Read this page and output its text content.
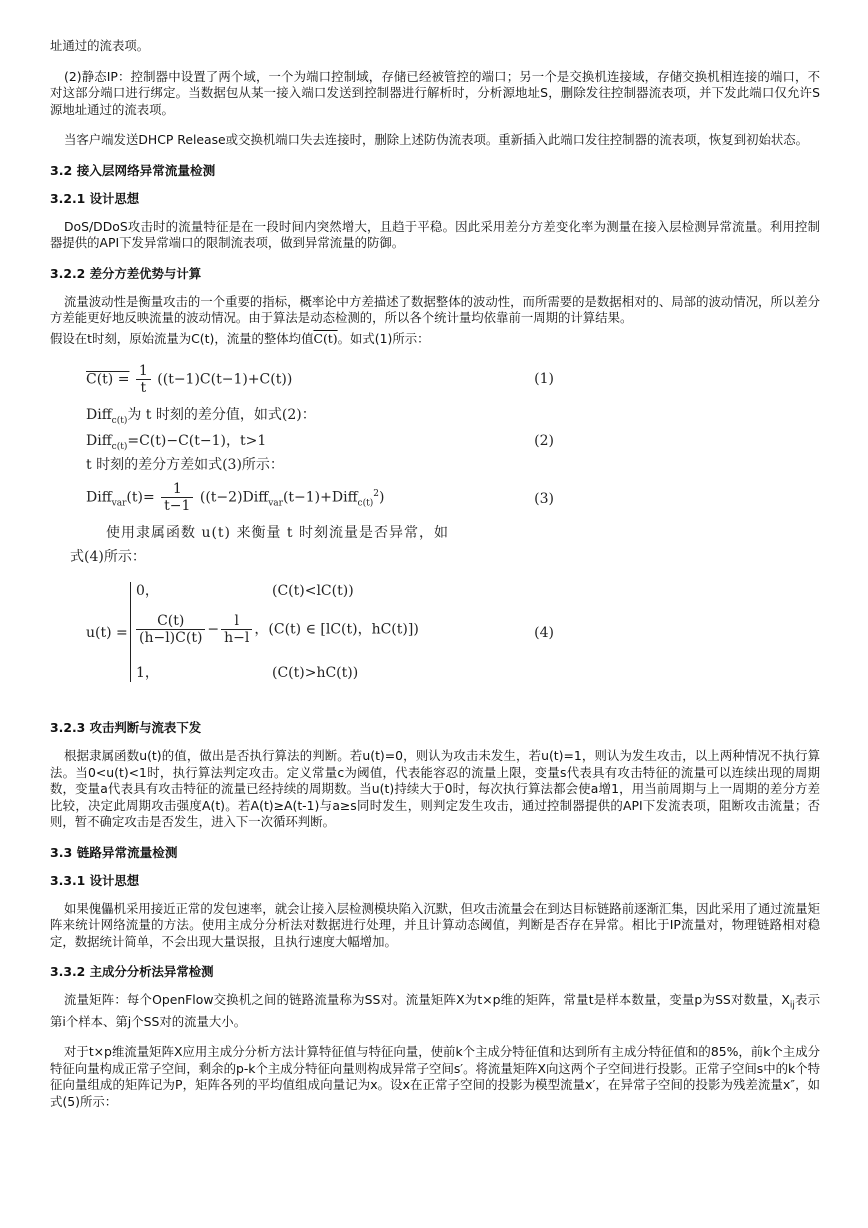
址通过的流表项。

(2)静态IP：控制器中设置了两个域，一个为端口控制域，存储已经被管控的端口；另一个是交换机连接域，存储交换机相连接的端口，不对这部分端口进行绑定。当数据包从某一接入端口发送到控制器进行解析时，分析源地址S，删除发往控制器流表项，并下发此端口仅允许S源地址通过的流表项。

当客户端发送DHCP Release或交换机端口失去连接时，删除上述防伪流表项。重新插入此端口发往控制器的流表项，恢复到初始状态。

3.2 接入层网络异常流量检测
3.2.1 设计思想

DoS/DDoS攻击时的流量特征是在一段时间内突然增大，且趋于平稳。因此采用差分方差变化率为测量在接入层检测异常流量。利用控制器提供的API下发异常端口的限制流表项，做到异常流量的防御。

3.2.2 差分方差优势与计算

流量波动性是衡量攻击的一个重要的指标，概率论中方差描述了数据整体的波动性，而所需要的是数据相对的、局部的波动情况，所以差分方差能更好地反映流量的波动情况。由于算法是动态检测的，所以各个统计量均依靠前一周期的计算结果。

假设在t时刻，原始流量为C(t)，流量的整体均值C(t)。如式(1)所示：

$C(t) = \frac{1}{t} ((t-1)C(t-1)+C(t))$	(1)
Diff$_{c(t)}$为 t 时刻的差分值，如式(2)：
Diff$_{c(t)}$=C(t)−C(t−1)，t>1	(2)
t 时刻的差分方差如式(3)所示：
Diff$_{var}$(t)= $\frac{1}{t-1}$ ((t−2)Diff$_{var}$(t−1)+Diff$_{c(t)}^2$)	(3)
使用隶属函数 u(t) 来衡量 t 时刻流量是否异常，如
式(4)所示：
u(t) =
0，	(C(t)<lC(t))
$\frac{C(t)}{(h-l)C(t)} - \frac{l}{h-l}$ ，(C(t) ∈ [lC(t)，hC(t)])	(4)
1，	(C(t)>hC(t))
3.2.3 攻击判断与流表下发

根据隶属函数u(t)的值，做出是否执行算法的判断。若u(t)=0，则认为攻击未发生，若u(t)=1，则认为发生攻击，以上两种情况不执行算法。当0<u(t)<1时，执行算法判定攻击。定义常量c为阈值，代表能容忍的流量上限，变量s代表具有攻击特征的流量可以连续出现的周期数，变量a代表具有攻击特征的流量已经持续的周期数。当u(t)持续大于0时，每次执行算法都会使a增1，用当前周期与上一周期的差分方差比较，决定此周期攻击强度A(t)。若A(t)≥A(t-1)与a≥s同时发生，则判定发生攻击，通过控制器提供的API下发流表项，阻断攻击流量；否则，暂不确定攻击是否发生，进入下一次循环判断。

3.3 链路异常流量检测
3.3.1 设计思想

如果傀儡机采用接近正常的发包速率，就会让接入层检测模块陷入沉默，但攻击流量会在到达目标链路前逐渐汇集，因此采用了通过流量矩阵来统计网络流量的方法。使用主成分分析法对数据进行处理，并且计算动态阈值，判断是否存在异常。相比于IP流量对，物理链路相对稳定，数据统计简单，不会出现大量误报，且执行速度大幅增加。

3.3.2 主成分分析法异常检测

流量矩阵：每个OpenFlow交换机之间的链路流量称为SS对。流量矩阵X为t×p维的矩阵，常量t是样本数量，变量p为SS对数量，$X_{ij}$表示第i个样本、第j个SS对的流量大小。

对于t×p维流量矩阵X应用主成分分析方法计算特征值与特征向量，使前k个主成分特征值和达到所有主成分特征值和的85%，前k个主成分特征向量构成正常子空间，剩余的p-k个主成分特征向量则构成异常子空间s′。将流量矩阵X向这两个子空间进行投影。正常子空间s中的k个特征向量组成的矩阵记为P，矩阵各列的平均值组成向量记为x。设x在正常子空间的投影为模型流量x′，在异常子空间的投影为残差流量x″，如式(5)所示：
